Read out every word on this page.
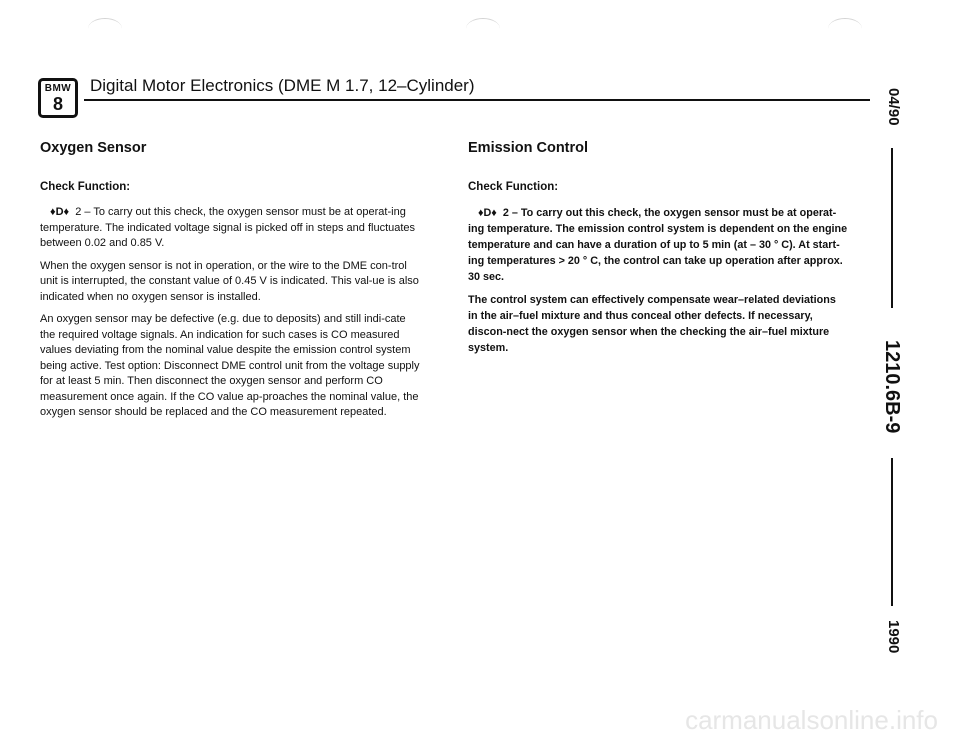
BMW
8
Digital Motor Electronics (DME M 1.7, 12–Cylinder)
04/90
1210.6B-9
1990
Oxygen Sensor
Check Function:

♦D♦ 2 – To carry out this check, the oxygen sensor must be at operat-ing temperature. The indicated voltage signal is picked off in steps and fluctuates between 0.02 and 0.85 V.

When the oxygen sensor is not in operation, or the wire to the DME con-trol unit is interrupted, the constant value of 0.45 V is indicated. This val-ue is also indicated when no oxygen sensor is installed.

An oxygen sensor may be defective (e.g. due to deposits) and still indi-cate the required voltage signals. An indication for such cases is CO measured values deviating from the nominal value despite the emission control system being active. Test option: Disconnect DME control unit from the voltage supply for at least 5 min. Then disconnect the oxygen sensor and perform CO measurement once again. If the CO value ap-proaches the nominal value, the oxygen sensor should be replaced and the CO measurement repeated.

Emission Control
Check Function:

♦D♦ 2 – To carry out this check, the oxygen sensor must be at operat-ing temperature. The emission control system is dependent on the engine temperature and can have a duration of up to 5 min (at – 30 ° C). At start-ing temperatures > 20 ° C, the control can take up operation after approx. 30 sec.

The control system can effectively compensate wear–related deviations in the air–fuel mixture and thus conceal other defects. If necessary, discon-nect the oxygen sensor when the checking the air–fuel mixture system.

carmanualsonline.info
